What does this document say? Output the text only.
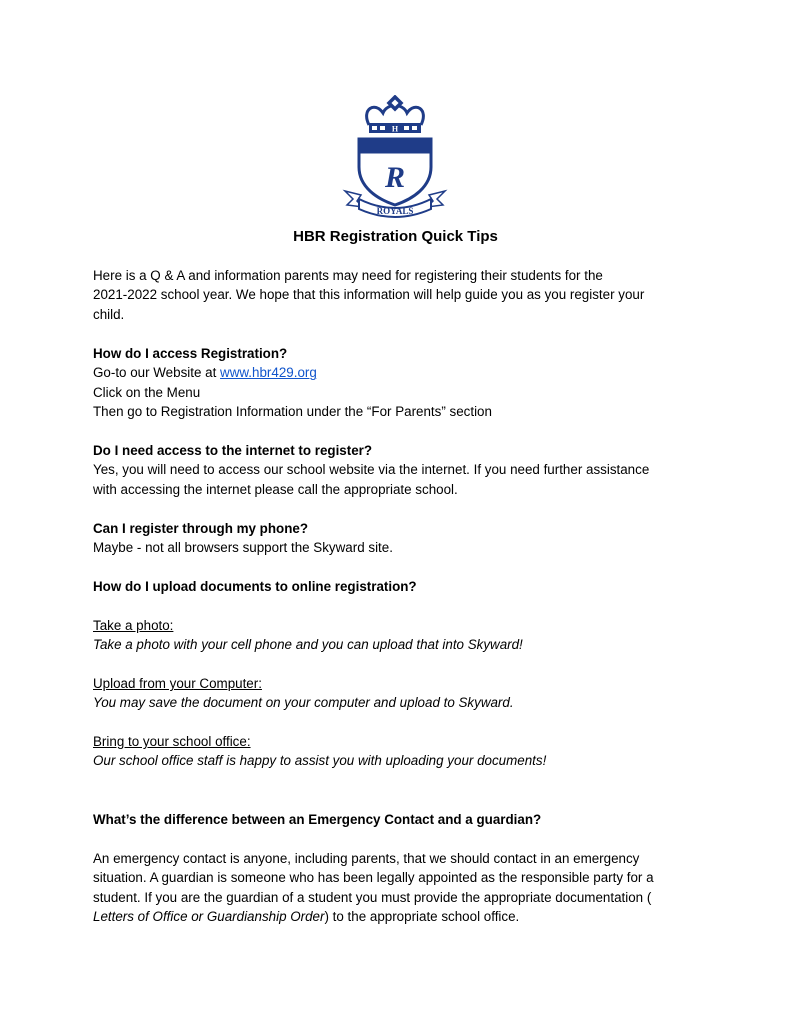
H
R
ROYALS
HBR Registration Quick Tips

Here is a Q & A and information parents may need for registering their students for the

2021-2022 school year. We hope that this information will help guide you as you register your

child.

How do I access Registration?

Go-to our Website at www.hbr429.org

Click on the Menu

Then go to Registration Information under the “For Parents” section

Do I need access to the internet to register?

Yes, you will need to access our school website via the internet. If you need further assistance

with accessing the internet please call the appropriate school.

Can I register through my phone?

Maybe - not all browsers support the Skyward site.

How do I upload documents to online registration?

Take a photo:

Take a photo with your cell phone and you can upload that into Skyward!

Upload from your Computer:

You may save the document on your computer and upload to Skyward.

Bring to your school office:

Our school office staff is happy to assist you with uploading your documents!

What’s the difference between an Emergency Contact and a guardian?

An emergency contact is anyone, including parents, that we should contact in an emergency

situation. A guardian is someone who has been legally appointed as the responsible party for a

student. If you are the guardian of a student you must provide the appropriate documentation (

Letters of Office or Guardianship Order) to the appropriate school office.
